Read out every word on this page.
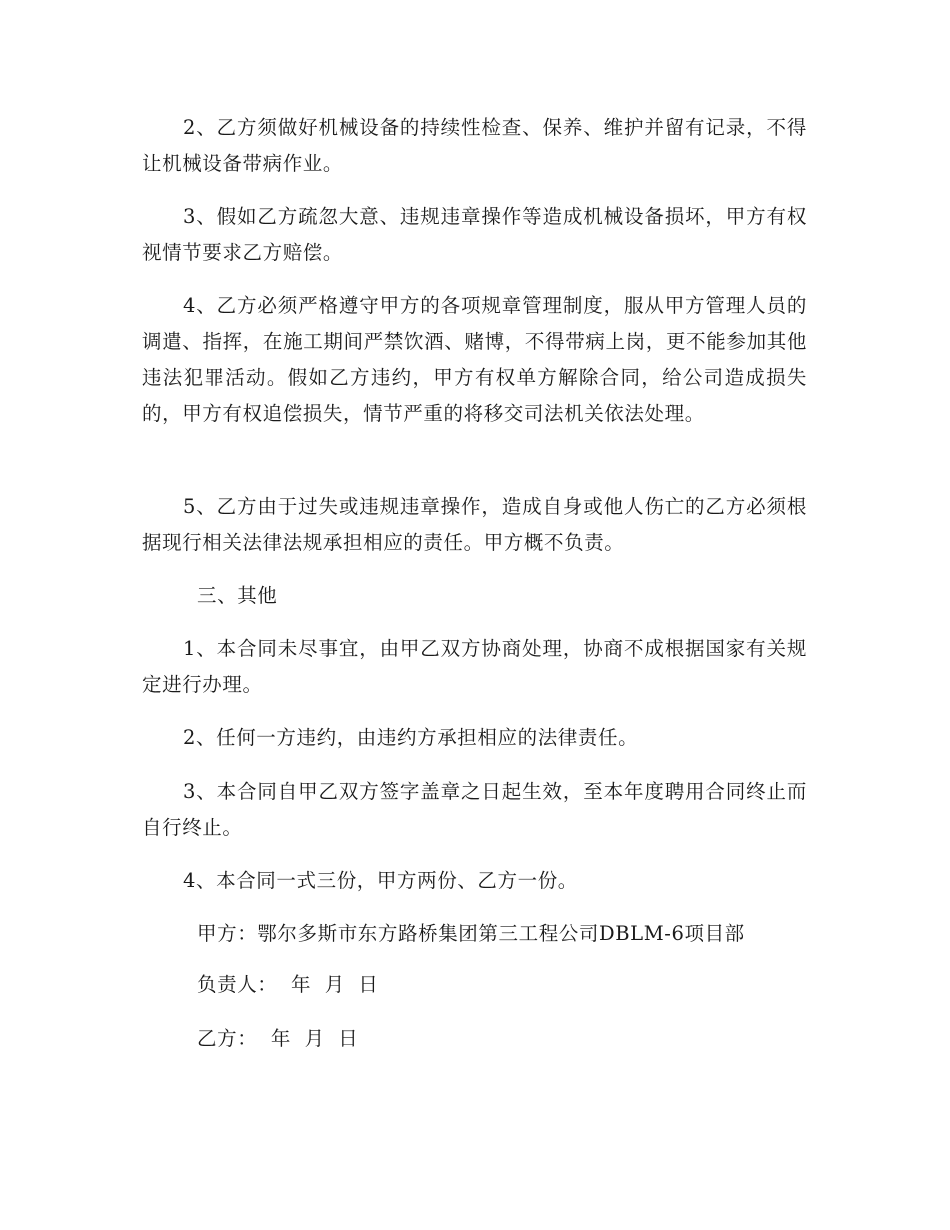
2、乙方须做好机械设备的持续性检查、保养、维护并留有记录，不得让机械设备带病作业。

3、假如乙方疏忽大意、违规违章操作等造成机械设备损坏，甲方有权视情节要求乙方赔偿。

4、乙方必须严格遵守甲方的各项规章管理制度，服从甲方管理人员的调遣、指挥，在施工期间严禁饮酒、赌博，不得带病上岗，更不能参加其他违法犯罪活动。假如乙方违约，甲方有权单方解除合同，给公司造成损失的，甲方有权追偿损失，情节严重的将移交司法机关依法处理。

5、乙方由于过失或违规违章操作，造成自身或他人伤亡的乙方必须根据现行相关法律法规承担相应的责任。甲方概不负责。

三、其他

1、本合同未尽事宜，由甲乙双方协商处理，协商不成根据国家有关规定进行办理。

2、任何一方违约，由违约方承担相应的法律责任。

3、本合同自甲乙双方签字盖章之日起生效，至本年度聘用合同终止而自行终止。

4、本合同一式三份，甲方两份、乙方一份。

甲方：鄂尔多斯市东方路桥集团第三工程公司DBLM-6项目部

负责人：  年  月  日

乙方：  年  月  日
